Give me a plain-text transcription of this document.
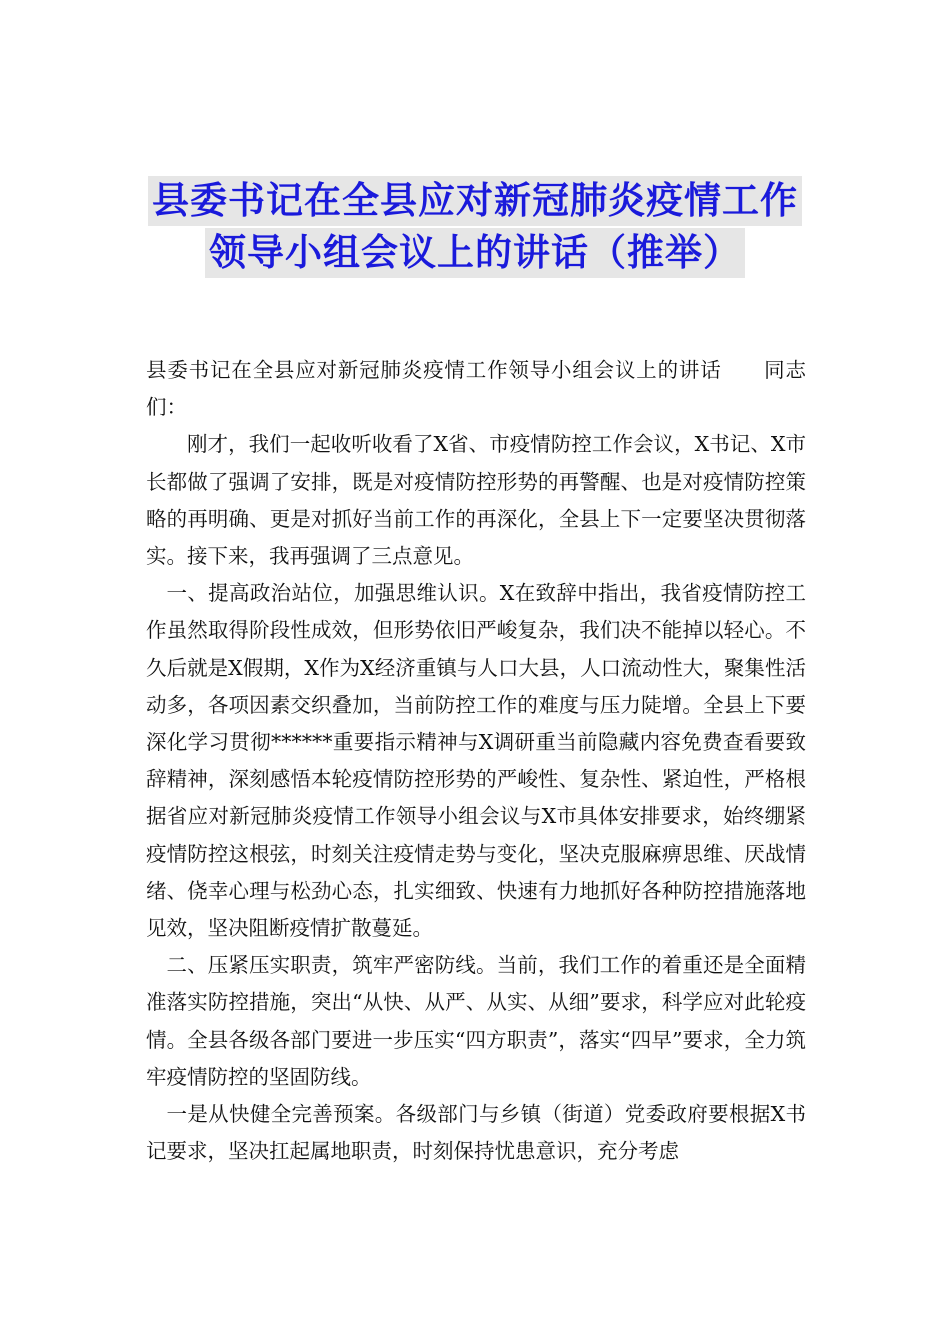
县委书记在全县应对新冠肺炎疫情工作
领导小组会议上的讲话（推举）

县委书记在全县应对新冠肺炎疫情工作领导小组会议上的讲话　　同志们：

刚才，我们一起收听收看了X省、市疫情防控工作会议，X书记、X市长都做了强调了安排，既是对疫情防控形势的再警醒、也是对疫情防控策略的再明确、更是对抓好当前工作的再深化，全县上下一定要坚决贯彻落实。接下来，我再强调了三点意见。

一、提高政治站位，加强思维认识。X在致辞中指出，我省疫情防控工作虽然取得阶段性成效，但形势依旧严峻复杂，我们决不能掉以轻心。不久后就是X假期，X作为X经济重镇与人口大县，人口流动性大，聚集性活动多，各项因素交织叠加，当前防控工作的难度与压力陡增。全县上下要深化学习贯彻******重要指示精神与X调研重当前隐藏内容免费查看要致辞精神，深刻感悟本轮疫情防控形势的严峻性、复杂性、紧迫性，严格根据省应对新冠肺炎疫情工作领导小组会议与X市具体安排要求，始终绷紧疫情防控这根弦，时刻关注疫情走势与变化，坚决克服麻痹思维、厌战情绪、侥幸心理与松劲心态，扎实细致、快速有力地抓好各种防控措施落地见效，坚决阻断疫情扩散蔓延。

二、压紧压实职责，筑牢严密防线。当前，我们工作的着重还是全面精准落实防控措施，突出“从快、从严、从实、从细”要求，科学应对此轮疫情。全县各级各部门要进一步压实“四方职责”，落实“四早”要求，全力筑牢疫情防控的坚固防线。

一是从快健全完善预案。各级部门与乡镇（街道）党委政府要根据X书记要求，坚决扛起属地职责，时刻保持忧患意识，充分考虑
